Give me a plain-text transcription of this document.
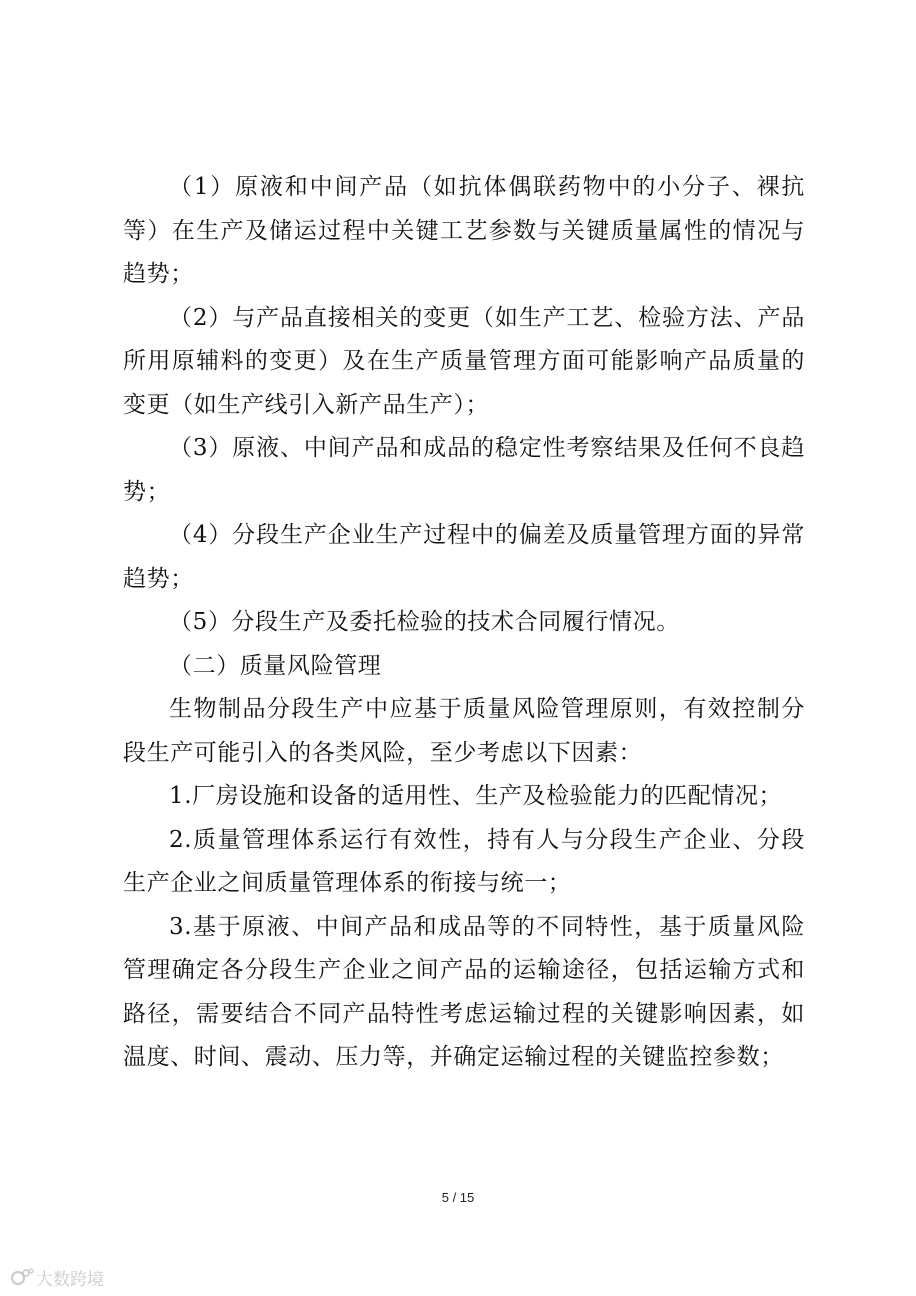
（1）原液和中间产品（如抗体偶联药物中的小分子、裸抗等）在生产及储运过程中关键工艺参数与关键质量属性的情况与趋势；

（2）与产品直接相关的变更（如生产工艺、检验方法、产品所用原辅料的变更）及在生产质量管理方面可能影响产品质量的变更（如生产线引入新产品生产）；

（3）原液、中间产品和成品的稳定性考察结果及任何不良趋势；

（4）分段生产企业生产过程中的偏差及质量管理方面的异常趋势；

（5）分段生产及委托检验的技术合同履行情况。

（二）质量风险管理

生物制品分段生产中应基于质量风险管理原则，有效控制分段生产可能引入的各类风险，至少考虑以下因素：

1.厂房设施和设备的适用性、生产及检验能力的匹配情况；

2.质量管理体系运行有效性，持有人与分段生产企业、分段生产企业之间质量管理体系的衔接与统一；

3.基于原液、中间产品和成品等的不同特性，基于质量风险管理确定各分段生产企业之间产品的运输途径，包括运输方式和路径，需要结合不同产品特性考虑运输过程的关键影响因素，如温度、时间、震动、压力等，并确定运输过程的关键监控参数；

5 / 15
大数跨境
